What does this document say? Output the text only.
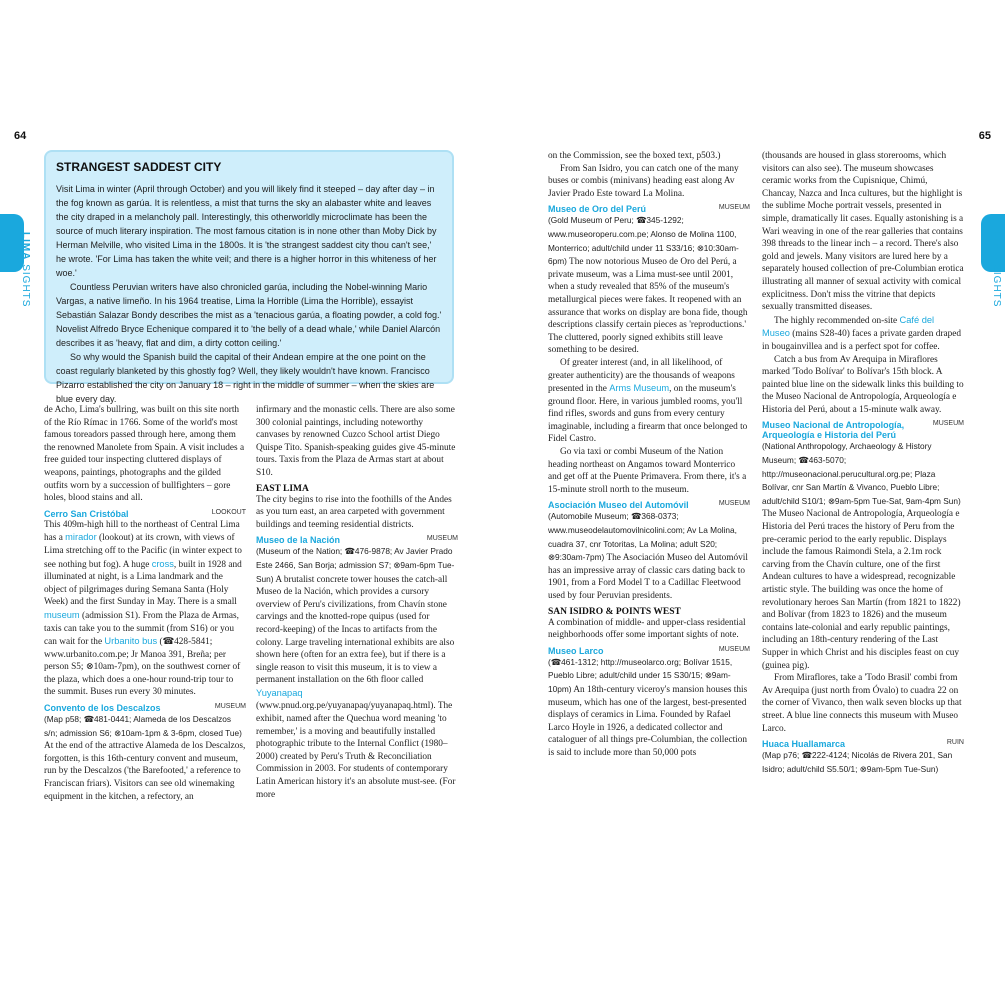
64	65
LIMA SIGHTS
LIMA SIGHTS
STRANGEST SADDEST CITY

Visit Lima in winter (April through October) and you will likely find it steeped – day after day – in the fog known as garúa. It is relentless, a mist that turns the sky an alabaster white and leaves the city draped in a melancholy pall. Interestingly, this otherworldly microclimate has been the source of much literary inspiration. The most famous citation is in none other than Moby Dick by Herman Melville, who visited Lima in the 1800s. It is 'the strangest saddest city thou can't see,' he wrote. 'For Lima has taken the white veil; and there is a higher horror in this whiteness of her woe.'

Countless Peruvian writers have also chronicled garúa, including the Nobel-winning Mario Vargas, a native limeño. In his 1964 treatise, Lima la Horrible (Lima the Horrible), essayist Sebastián Salazar Bondy describes the mist as a 'tenacious garúa, a floating powder, a cold fog.' Novelist Alfredo Bryce Echenique compared it to 'the belly of a dead whale,' while Daniel Alarcón describes it as 'heavy, flat and dim, a dirty cotton ceiling.'

So why would the Spanish build the capital of their Andean empire at the one point on the coast regularly blanketed by this ghostly fog? Well, they likely wouldn't have known. Francisco Pizarro established the city on January 18 – right in the middle of summer – when the skies are blue every day.

de Acho, Lima's bullring, was built on this site north of the Río Rímac in 1766. Some of the world's most famous toreadors passed through here, among them the renowned Manolete from Spain. A visit includes a free guided tour inspecting cluttered displays of weapons, paintings, photographs and the gilded outfits worn by a succession of bullfighters – gore holes, blood stains and all.

Cerro San Cristóbal	LOOKOUT

This 409m-high hill to the northeast of Central Lima has a mirador (lookout) at its crown, with views of Lima stretching off to the Pacific (in winter expect to see nothing but fog). A huge cross, built in 1928 and illuminated at night, is a Lima landmark and the object of pilgrimages during Semana Santa (Holy Week) and the first Sunday in May. There is a small museum (admission S1). From the Plaza de Armas, taxis can take you to the summit (from S16) or you can wait for the Urbanito bus (☎428-5841; www.urbanito.com.pe; Jr Manoa 391, Breña; per person S5; ⊗10am-7pm), on the southwest corner of the plaza, which does a one-hour round-trip tour to the summit. Buses run every 30 minutes.

Convento de los Descalzos	MUSEUM

(Map p58; ☎481-0441; Alameda de los Descalzos s/n; admission S6; ⊗10am-1pm & 3-6pm, closed Tue) At the end of the attractive Alameda de los Descalzos, forgotten, is this 16th-century convent and museum, run by the Descalzos ('the Barefooted,' a reference to Franciscan friars). Visitors can see old winemaking equipment in the kitchen, a refectory, an

infirmary and the monastic cells. There are also some 300 colonial paintings, including noteworthy canvases by renowned Cuzco School artist Diego Quispe Tito. Spanish-speaking guides give 45-minute tours. Taxis from the Plaza de Armas start at about S10.

EAST LIMA

The city begins to rise into the foothills of the Andes as you turn east, an area carpeted with government buildings and teeming residential districts.

Museo de la Nación	MUSEUM

(Museum of the Nation; ☎476-9878; Av Javier Prado Este 2466, San Borja; admission S7; ⊗9am-6pm Tue-Sun) A brutalist concrete tower houses the catch-all Museo de la Nación, which provides a cursory overview of Peru's civilizations, from Chavín stone carvings and the knotted-rope quipus (used for record-keeping) of the Incas to artifacts from the colony. Large traveling international exhibits are also shown here (often for an extra fee), but if there is a single reason to visit this museum, it is to view a permanent installation on the 6th floor called Yuyanapaq (www.pnud.org.pe/yuyanapaq/yuyanapaq.html). The exhibit, named after the Quechua word meaning 'to remember,' is a moving and beautifully installed photographic tribute to the Internal Conflict (1980–2000) created by Peru's Truth & Reconciliation Commission in 2003. For students of contemporary Latin American history it's an absolute must-see. (For more

on the Commission, see the boxed text, p503.)

From San Isidro, you can catch one of the many buses or combis (minivans) heading east along Av Javier Prado Este toward La Molina.

Museo de Oro del Perú	MUSEUM

(Gold Museum of Peru; ☎345-1292; www.museoroperu.com.pe; Alonso de Molina 1100, Monterrico; adult/child under 11 S33/16; ⊗10:30am-6pm) The now notorious Museo de Oro del Perú, a private museum, was a Lima must-see until 2001, when a study revealed that 85% of the museum's metallurgical pieces were fakes. It reopened with an assurance that works on display are bona fide, though descriptions classify certain pieces as 'reproductions.' The cluttered, poorly signed exhibits still leave something to be desired.

Of greater interest (and, in all likelihood, of greater authenticity) are the thousands of weapons presented in the Arms Museum, on the museum's ground floor. Here, in various jumbled rooms, you'll find rifles, swords and guns from every century imaginable, including a firearm that once belonged to Fidel Castro.

Go via taxi or combi Museum of the Nation heading northeast on Angamos toward Monterrico and get off at the Puente Primavera. From there, it's a 15-minute stroll north to the museum.

Asociación Museo del Automóvil	MUSEUM

(Automobile Museum; ☎368-0373; www.museodelautomovilnicolini.com; Av La Molina, cuadra 37, cnr Totoritas, La Molina; adult S20; ⊗9:30am-7pm) The Asociación Museo del Automóvil has an impressive array of classic cars dating back to 1901, from a Ford Model T to a Cadillac Fleetwood used by four Peruvian presidents.

SAN ISIDRO & POINTS WEST

A combination of middle- and upper-class residential neighborhoods offer some important sights of note.

Museo Larco	MUSEUM

(☎461-1312; http://museolarco.org; Bolívar 1515, Pueblo Libre; adult/child under 15 S30/15; ⊗9am-10pm) An 18th-century viceroy's mansion houses this museum, which has one of the largest, best-presented displays of ceramics in Lima. Founded by Rafael Larco Hoyle in 1926, a dedicated collector and cataloguer of all things pre-Columbian, the collection is said to include more than 50,000 pots

(thousands are housed in glass storerooms, which visitors can also see). The museum showcases ceramic works from the Cupisnique, Chimú, Chancay, Nazca and Inca cultures, but the highlight is the sublime Moche portrait vessels, presented in simple, dramatically lit cases. Equally astonishing is a Wari weaving in one of the rear galleries that contains 398 threads to the linear inch – a record. There's also gold and jewels. Many visitors are lured here by a separately housed collection of pre-Columbian erotica illustrating all manner of sexual activity with comical explicitness. Don't miss the vitrine that depicts sexually transmitted diseases.

The highly recommended on-site Café del Museo (mains S28-40) faces a private garden draped in bougainvillea and is a perfect spot for coffee.

Catch a bus from Av Arequipa in Miraflores marked 'Todo Bolívar' to Bolívar's 15th block. A painted blue line on the sidewalk links this building to the Museo Nacional de Antropología, Arqueología e Historia del Perú, about a 15-minute walk away.

Museo Nacional de Antropología, Arqueología e Historia del Perú
MUSEUM

(National Anthropology, Archaeology & History Museum; ☎463-5070; http://museonacional.perucultural.org.pe; Plaza Bolívar, cnr San Martín & Vivanco, Pueblo Libre; adult/child S10/1; ⊗9am-5pm Tue-Sat, 9am-4pm Sun) The Museo Nacional de Antropología, Arqueología e Historia del Perú traces the history of Peru from the pre-ceramic period to the early republic. Displays include the famous Raimondi Stela, a 2.1m rock carving from the Chavín culture, one of the first Andean cultures to have a widespread, recognizable artistic style. The building was once the home of revolutionary heroes San Martín (from 1821 to 1822) and Bolívar (from 1823 to 1826) and the museum contains late-colonial and early republic paintings, including an 18th-century rendering of the Last Supper in which Christ and his disciples feast on cuy (guinea pig).

From Miraflores, take a 'Todo Brasil' combi from Av Arequipa (just north from Óvalo) to cuadra 22 on the corner of Vivanco, then walk seven blocks up that street. A blue line connects this museum with Museo Larco.

Huaca Huallamarca	RUIN

(Map p76; ☎222-4124; Nicolás de Rivera 201, San Isidro; adult/child S5.50/1; ⊗9am-5pm Tue-Sun)
